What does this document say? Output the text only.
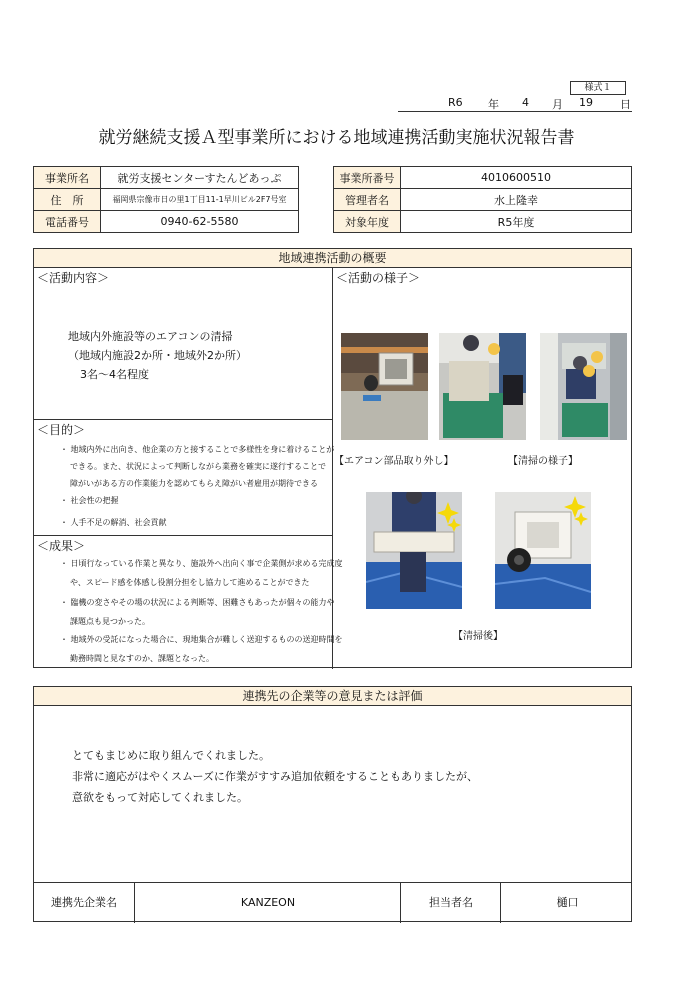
様式１
R6 年 4 月 19 日
就労継続支援Ａ型事業所における地域連携活動実施状況報告書
事業所名	就労支援センターすたんどあっぷ
住　所	福岡県宗像市日の里1丁目11-1早川ビル2F7号室
電話番号	0940-62-5580
事業所番号	4010600510
管理者名	水上隆幸
対象年度	R5年度
地域連携活動の概要
＜活動内容＞
地域内外施設等のエアコンの清掃
（地域内施設2か所・地域外2か所）
3名～4名程度
＜目的＞
・ 地域内外に出向き、他企業の方と接することで多様性を身に着けることが
できる。また、状況によって判断しながら業務を確実に遂行することで
障がいがある方の作業能力を認めてもらえ障がい者雇用が期待できる
・ 社会性の把握
・ 人手不足の解消、社会貢献
＜成果＞
・ 日頃行なっている作業と異なり、施設外へ出向く事で企業側が求める完成度
や、スピード感を体感し役割分担をし協力して進めることができた
・ 臨機の変さやその場の状況による判断等、困難さもあったが個々の能力や
課題点も見つかった。
・ 地域外の受託になった場合に、現地集合が難しく送迎するものの送迎時間を
勤務時間と見なすのか、課題となった。
＜活動の様子＞
【エアコン部品取り外し】	【清掃の様子】
【清掃後】
連携先の企業等の意見または評価
とてもまじめに取り組んでくれました。
非常に適応がはやくスムーズに作業がすすみ追加依頼をすることもありましたが、
意欲をもって対応してくれました。
連携先企業名	KANZEON	担当者名	樋口
